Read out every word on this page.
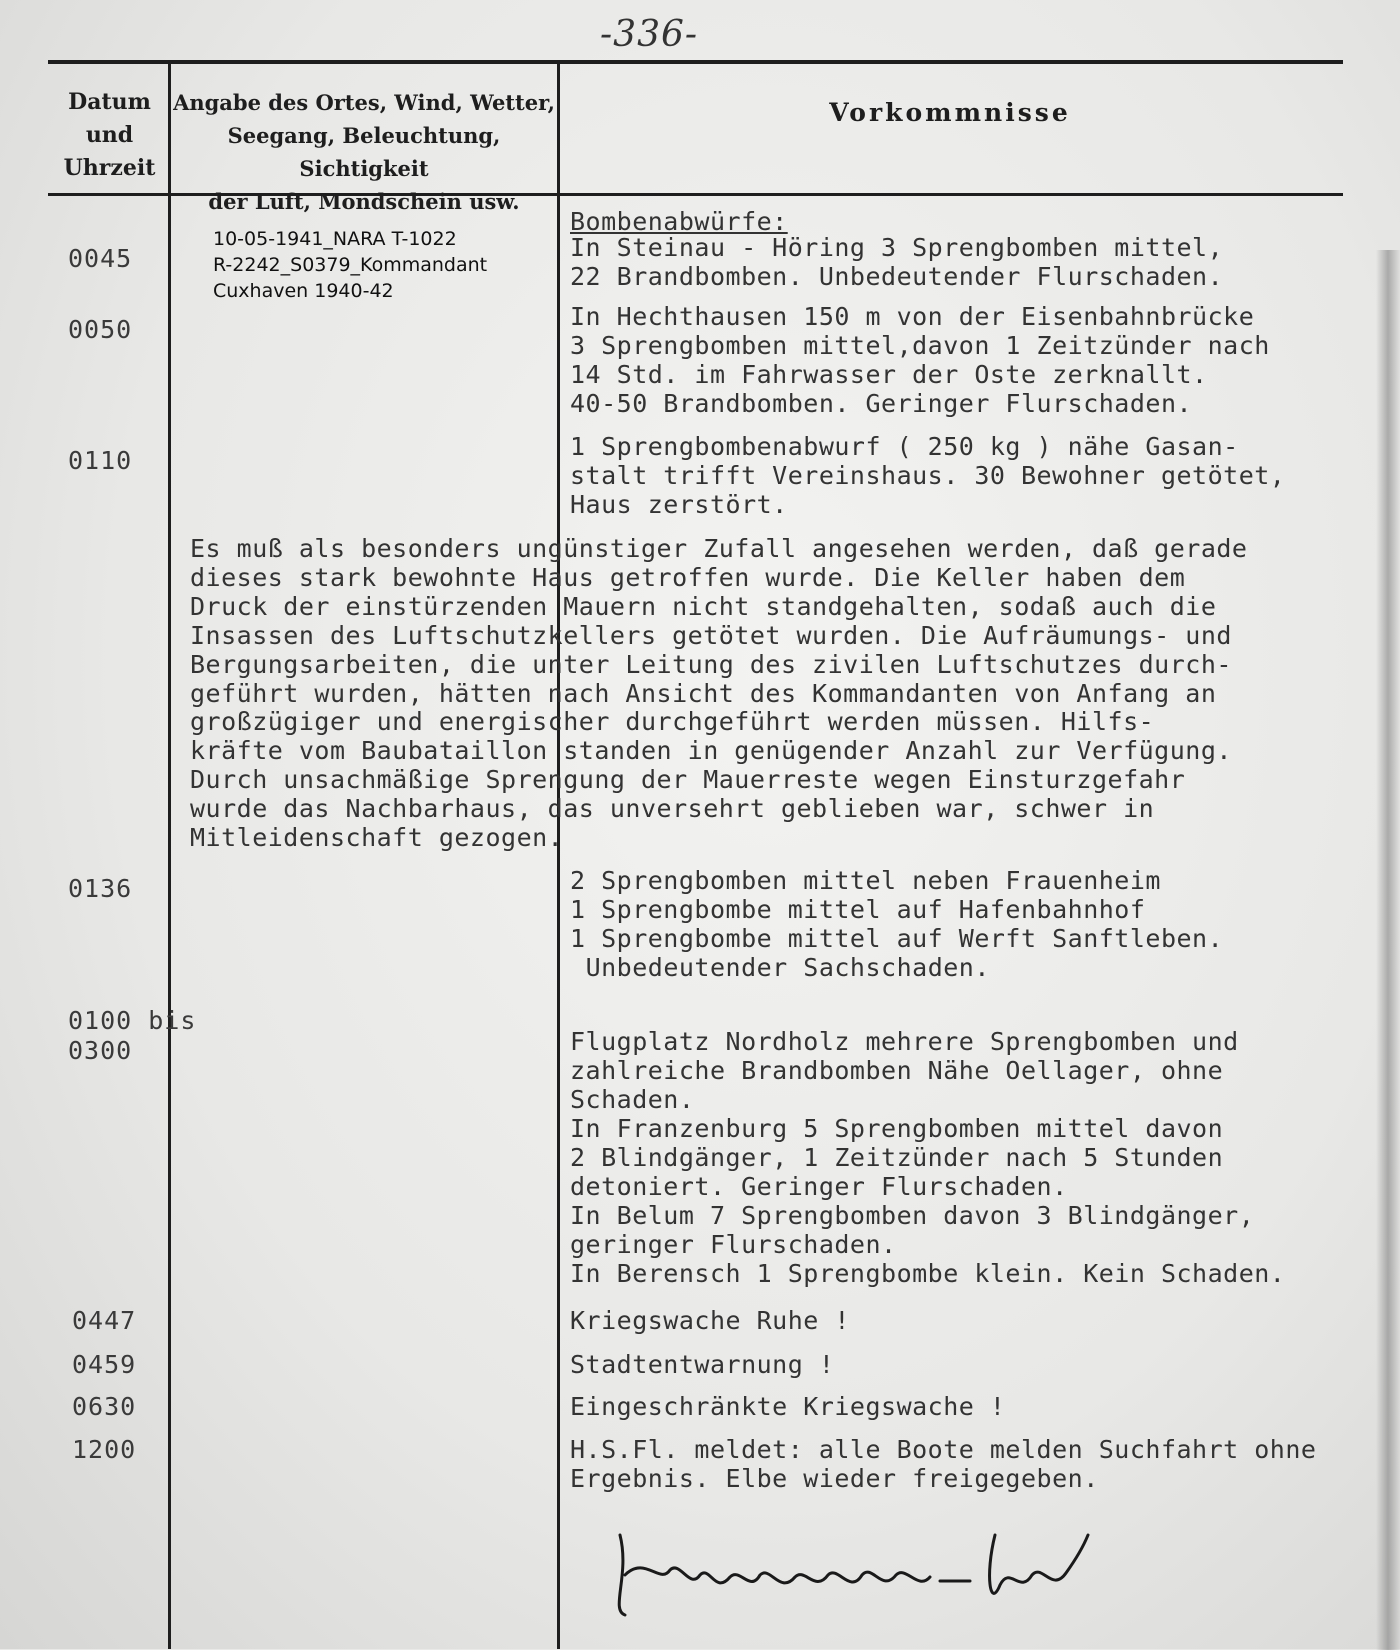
-336-
Datum
und
Uhrzeit
Angabe des Ortes, Wind, Wetter,
Seegang, Beleuchtung, Sichtigkeit
der Luft, Mondschein usw.
Vorkommnisse
10-05-1941_NARA T-1022
R-2242_S0379_Kommandant
Cuxhaven 1940-42
0045
0050
0110
0136
0100 bis
0300
0447
0459
0630
1200
Bombenabwürfe:
In Steinau - Höring 3 Sprengbomben mittel,
22 Brandbomben. Unbedeutender Flurschaden.
In Hechthausen 150 m von der Eisenbahnbrücke
3 Sprengbomben mittel,davon 1 Zeitzünder nach
14 Std. im Fahrwasser der Oste zerknallt.
40-50 Brandbomben. Geringer Flurschaden.
1 Sprengbombenabwurf ( 250 kg ) nähe Gasan-
stalt trifft Vereinshaus. 30 Bewohner getötet,
Haus zerstört.
Es muß als besonders ungünstiger Zufall angesehen werden, daß gerade
dieses stark bewohnte Haus getroffen wurde. Die Keller haben dem
Druck der einstürzenden Mauern nicht standgehalten, sodaß auch die
Insassen des Luftschutzkellers getötet wurden. Die Aufräumungs- und
Bergungsarbeiten, die unter Leitung des zivilen Luftschutzes durch-
geführt wurden, hätten nach Ansicht des Kommandanten von Anfang an
großzügiger und energischer durchgeführt werden müssen. Hilfs-
kräfte vom Baubataillon standen in genügender Anzahl zur Verfügung.
Durch unsachmäßige Sprengung der Mauerreste wegen Einsturzgefahr
wurde das Nachbarhaus, das unversehrt geblieben war, schwer in
Mitleidenschaft gezogen.
2 Sprengbomben mittel neben Frauenheim
1 Sprengbombe mittel auf Hafenbahnhof
1 Sprengbombe mittel auf Werft Sanftleben.
Unbedeutender Sachschaden.
Flugplatz Nordholz mehrere Sprengbomben und
zahlreiche Brandbomben Nähe Oellager, ohne
Schaden.
In Franzenburg 5 Sprengbomben mittel davon
2 Blindgänger, 1 Zeitzünder nach 5 Stunden
detoniert. Geringer Flurschaden.
In Belum 7 Sprengbomben davon 3 Blindgänger,
geringer Flurschaden.
In Berensch 1 Sprengbombe klein. Kein Schaden.
Kriegswache Ruhe !
Stadtentwarnung !
Eingeschränkte Kriegswache !
H.S.Fl. meldet: alle Boote melden Suchfahrt ohne
Ergebnis. Elbe wieder freigegeben.
